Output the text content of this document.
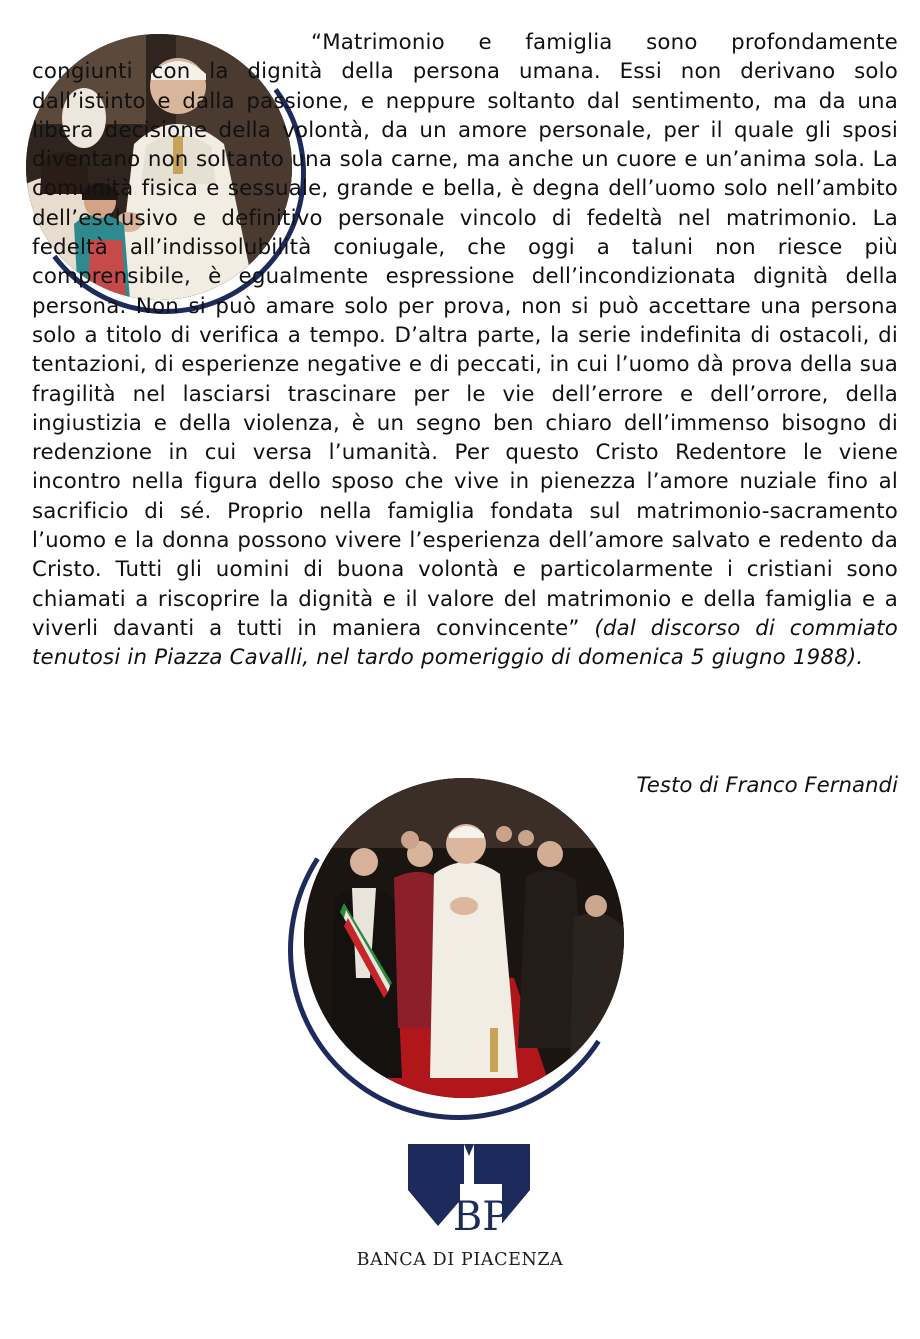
“Matrimonio e famiglia sono profondamente congiunti con la dignità della persona umana. Essi non derivano solo dall’istinto e dalla passione, e neppure soltanto dal sentimento, ma da una libera decisione della volontà, da un amore personale, per il quale gli sposi diventano non soltanto una sola carne, ma anche un cuore e un’anima sola. La comunità fisica e sessuale, grande e bella, è degna dell’uomo solo nell’ambito dell’esclusivo e definitivo personale vincolo di fedeltà nel matrimonio. La fedeltà all’indissolubilità coniugale, che oggi a taluni non riesce più comprensibile, è egualmente espressione dell’incondizionata dignità della persona. Non si può amare solo per prova, non si può accettare una persona solo a titolo di verifica a tempo. D’altra parte, la serie indefinita di ostacoli, di tentazioni, di esperienze negative e di peccati, in cui l’uomo dà prova della sua fragilità nel lasciarsi trascinare per le vie dell’errore e dell’orrore, della ingiustizia e della violenza, è un segno ben chiaro dell’immenso bisogno di redenzione in cui versa l’umanità. Per questo Cristo Redentore le viene incontro nella figura dello sposo che vive in pienezza l’amore nuziale fino al sacrificio di sé. Proprio nella famiglia fondata sul matrimonio-sacramento l’uomo e la donna possono vivere l’esperienza dell’amore salvato e redento da Cristo. Tutti gli uomini di buona volontà e particolarmente i cristiani sono chiamati a riscoprire la dignità e il valore del matrimonio e della famiglia e a viverli davanti a tutti in maniera convincente” (dal discorso di commiato tenutosi in Piazza Cavalli, nel tardo pomeriggio di domenica 5 giugno 1988).
Testo di Franco Fernandi
BP
BANCA DI PIACENZA
